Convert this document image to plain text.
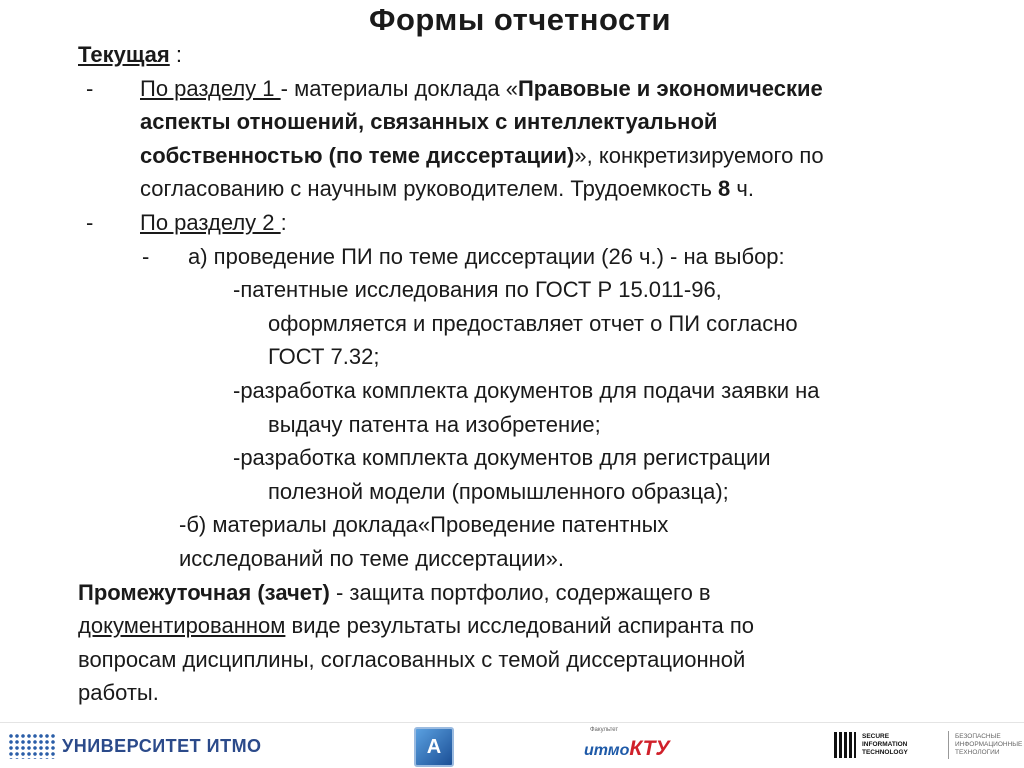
Формы отчетности
Текущая :
- По разделу 1 - материалы доклада «Правовые и экономические
аспекты отношений, связанных с интеллектуальной
собственностью (по теме диссертации)», конкретизируемого по
согласованию с научным руководителем. Трудоемкость 8 ч.
- По разделу 2 :
- а) проведение ПИ по теме диссертации (26 ч.) - на выбор:
-патентные исследования по ГОСТ Р 15.011-96,
оформляется и предоставляет отчет о ПИ согласно
ГОСТ 7.32;
-разработка комплекта документов для подачи заявки на
выдачу патента на изобретение;
-разработка комплекта документов для регистрации
полезной модели (промышленного образца);
-б) материалы доклада«Проведение патентных
исследований по теме диссертации».
Промежуточная (зачет) - защита портфолио, содержащего в
документированном виде результаты исследований аспиранта по
вопросам дисциплины, согласованных с темой диссертационной
работы.
УНИВЕРСИТЕТ ИТМО	A
Факультет
итмоКТУ
SECURE
INFORMATION
TECHNOLOGY
БЕЗОПАСНЫЕ
ИНФОРМАЦИОННЫЕ
ТЕХНОЛОГИИ
